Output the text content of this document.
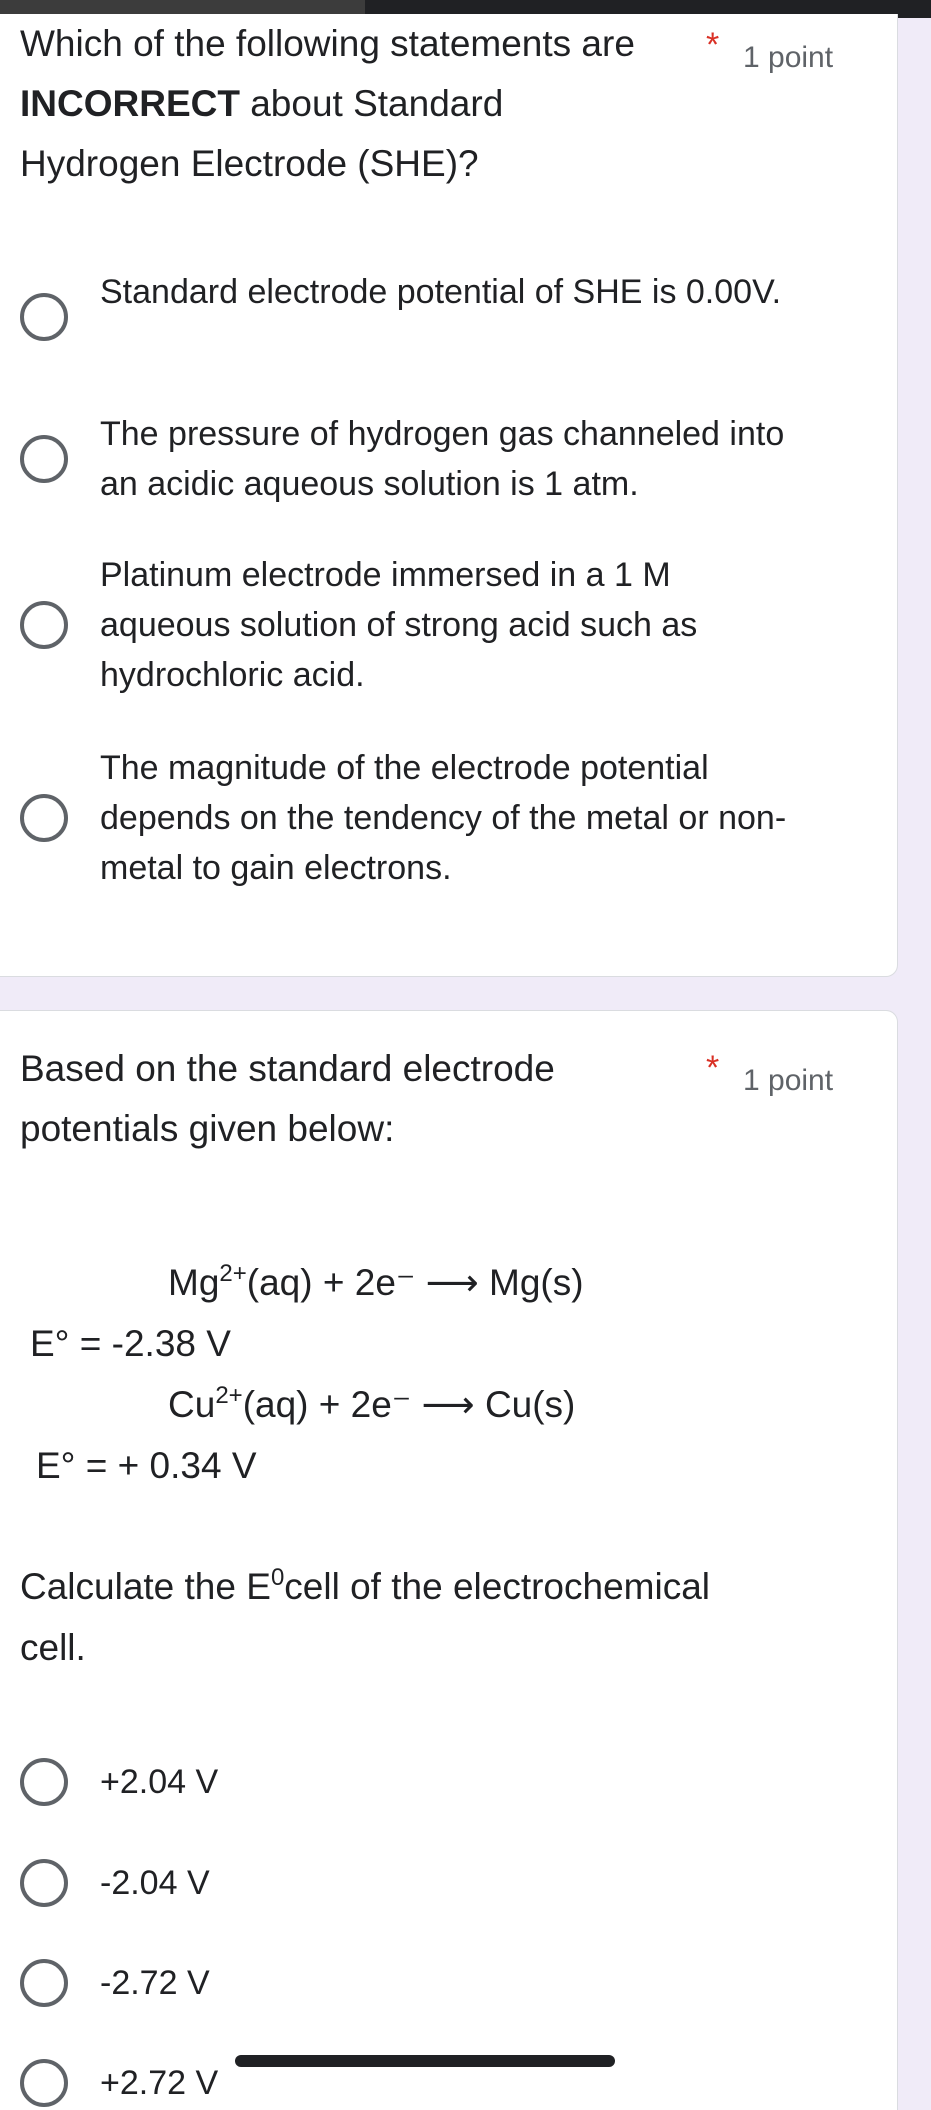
Which of the following statements are INCORRECT about Standard Hydrogen Electrode (SHE)?
* 1 point
Standard electrode potential of SHE is 0.00V.
The pressure of hydrogen gas channeled into an acidic aqueous solution is 1 atm.
Platinum electrode immersed in a 1 M aqueous solution of strong acid such as hydrochloric acid.
The magnitude of the electrode potential depends on the tendency of the metal or non-metal to gain electrons.
Based on the standard electrode potentials given below:
* 1 point
$Mg^{2+}(aq) + 2e^-$ ⟶ Mg(s)
E° = -2.38 V
$Cu^{2+}(aq) + 2e^-$ ⟶ Cu(s)
E° = + 0.34 V
Calculate the $E^0cell$ of the electrochemical cell.
+2.04 V
-2.04 V
-2.72 V
+2.72 V
